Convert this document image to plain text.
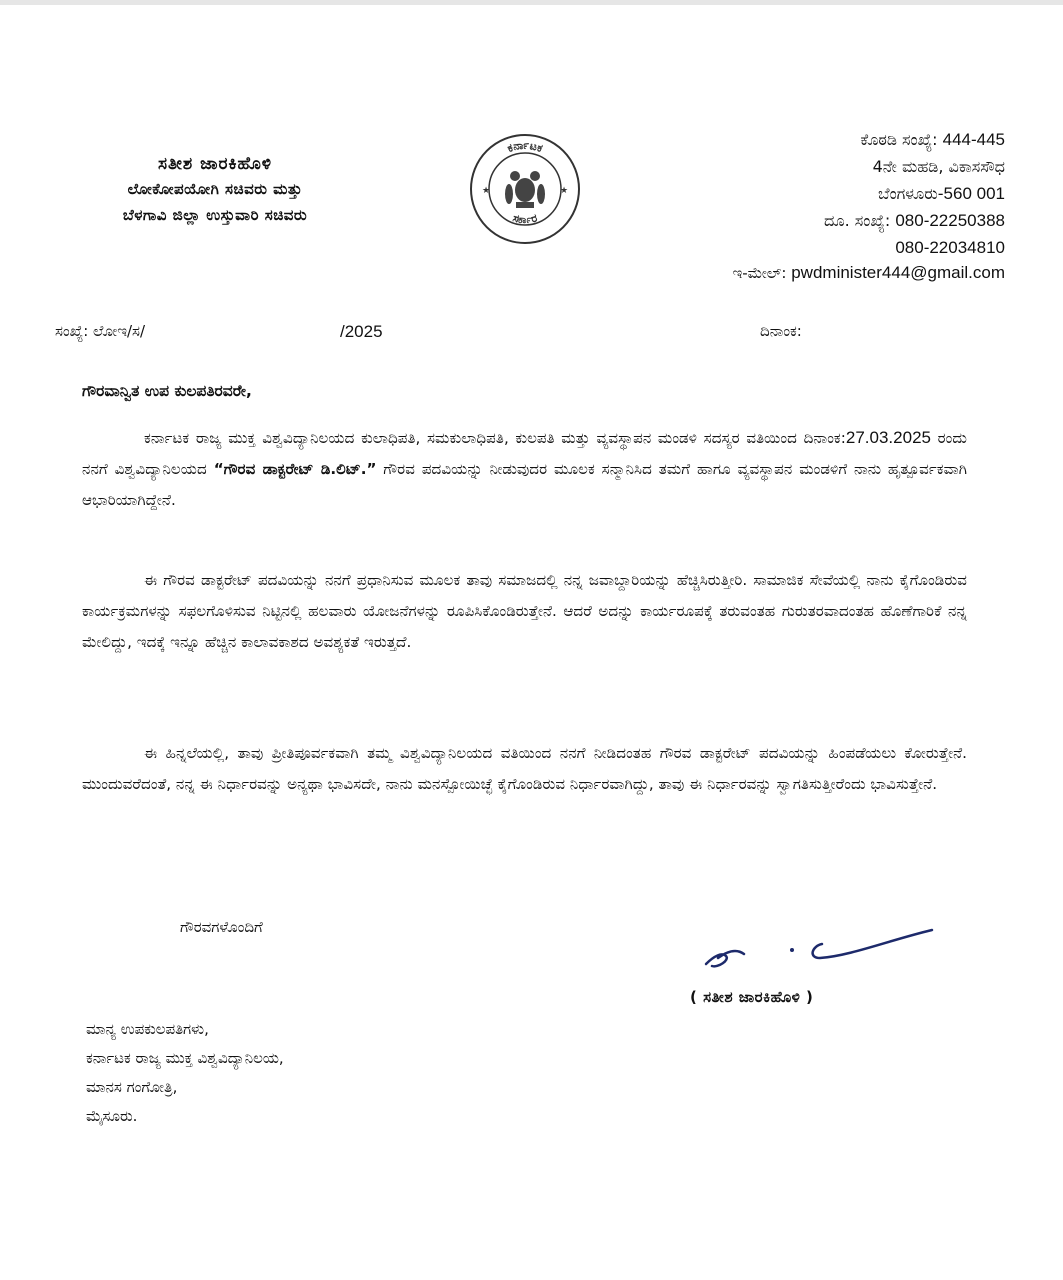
ಸತೀಶ ಜಾರಕಿಹೊಳಿ
ಲೋಕೋಪಯೋಗಿ ಸಚಿವರು ಮತ್ತು
ಬೆಳಗಾವಿ ಜಿಲ್ಲಾ ಉಸ್ತುವಾರಿ ಸಚಿವರು
ಕರ್ನಾಟಕ
ಸರ್ಕಾರ
★	★
ಕೊಠಡಿ ಸಂಖ್ಯೆ: 444-445
4ನೇ ಮಹಡಿ, ವಿಕಾಸಸೌಧ
ಬೆಂಗಳೂರು-560 001
ದೂ. ಸಂಖ್ಯೆ: 080-22250388
080-22034810
ಇ-ಮೇಲ್: pwdminister444@gmail.com
ಸಂಖ್ಯೆ: ಲೋಇ/ಸ/	/2025	ದಿನಾಂಕ:
ಗೌರವಾನ್ವಿತ ಉಪ ಕುಲಪತಿರವರೇ,

ಕರ್ನಾಟಕ ರಾಜ್ಯ ಮುಕ್ತ ವಿಶ್ವವಿದ್ಯಾನಿಲಯದ ಕುಲಾಧಿಪತಿ, ಸಮಕುಲಾಧಿಪತಿ, ಕುಲಪತಿ ಮತ್ತು ವ್ಯವಸ್ಥಾಪನ ಮಂಡಳಿ ಸದಸ್ಯರ ವತಿಯಿಂದ ದಿನಾಂಕ:27.03.2025 ರಂದು ನನಗೆ ವಿಶ್ವವಿದ್ಯಾನಿಲಯದ “ಗೌರವ ಡಾಕ್ಟರೇಟ್ ಡಿ.ಲಿಟ್.” ಗೌರವ ಪದವಿಯನ್ನು ನೀಡುವುದರ ಮೂಲಕ ಸನ್ಮಾನಿಸಿದ ತಮಗೆ ಹಾಗೂ ವ್ಯವಸ್ಥಾಪನ ಮಂಡಳಿಗೆ ನಾನು ಹೃತ್ಪೂರ್ವಕವಾಗಿ ಆಭಾರಿಯಾಗಿದ್ದೇನೆ.

ಈ ಗೌರವ ಡಾಕ್ಟರೇಟ್ ಪದವಿಯನ್ನು ನನಗೆ ಪ್ರಧಾನಿಸುವ ಮೂಲಕ ತಾವು ಸಮಾಜದಲ್ಲಿ ನನ್ನ ಜವಾಬ್ದಾರಿಯನ್ನು ಹೆಚ್ಚಿಸಿರುತ್ತೀರಿ. ಸಾಮಾಜಿಕ ಸೇವೆಯಲ್ಲಿ ನಾನು ಕೈಗೊಂಡಿರುವ ಕಾರ್ಯಕ್ರಮಗಳನ್ನು ಸಫಲಗೊಳಿಸುವ ನಿಟ್ಟಿನಲ್ಲಿ ಹಲವಾರು ಯೋಜನೆಗಳನ್ನು ರೂಪಿಸಿಕೊಂಡಿರುತ್ತೇನೆ. ಆದರೆ ಅದನ್ನು ಕಾರ್ಯರೂಪಕ್ಕೆ ತರುವಂತಹ ಗುರುತರವಾದಂತಹ ಹೊಣೆಗಾರಿಕೆ ನನ್ನ ಮೇಲಿದ್ದು, ಇದಕ್ಕೆ ಇನ್ನೂ ಹೆಚ್ಚಿನ ಕಾಲಾವಕಾಶದ ಅವಶ್ಯಕತೆ ಇರುತ್ತದೆ.

ಈ ಹಿನ್ನಲೆಯಲ್ಲಿ, ತಾವು ಪ್ರೀತಿಪೂರ್ವಕವಾಗಿ ತಮ್ಮ ವಿಶ್ವವಿದ್ಯಾನಿಲಯದ ವತಿಯಿಂದ ನನಗೆ ನೀಡಿದಂತಹ ಗೌರವ ಡಾಕ್ಟರೇಟ್ ಪದವಿಯನ್ನು ಹಿಂಪಡೆಯಲು ಕೋರುತ್ತೇನೆ. ಮುಂದುವರೆದಂತೆ, ನನ್ನ ಈ ನಿರ್ಧಾರವನ್ನು ಅನ್ಯಥಾ ಭಾವಿಸದೇ, ನಾನು ಮನಸ್ಪೋಯಿಚ್ಛೆ ಕೈಗೊಂಡಿರುವ ನಿರ್ಧಾರವಾಗಿದ್ದು, ತಾವು ಈ ನಿರ್ಧಾರವನ್ನು ಸ್ವಾಗತಿಸುತ್ತೀರೆಂದು ಭಾವಿಸುತ್ತೇನೆ.

ಗೌರವಗಳೊಂದಿಗೆ
( ಸತೀಶ ಜಾರಕಿಹೊಳಿ )
ಮಾನ್ಯ ಉಪಕುಲಪತಿಗಳು,
ಕರ್ನಾಟಕ ರಾಜ್ಯ ಮುಕ್ತ ವಿಶ್ವವಿದ್ಯಾನಿಲಯ,
ಮಾನಸ ಗಂಗೋತ್ರಿ,
ಮೈಸೂರು.
